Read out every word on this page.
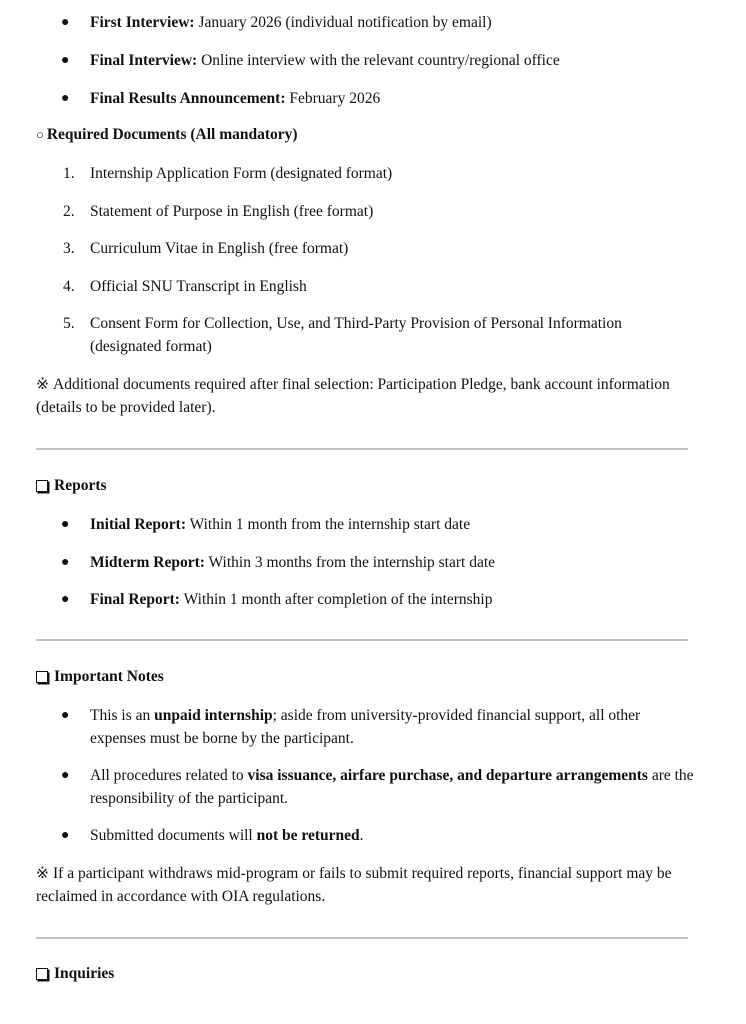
● First Interview: January 2026 (individual notification by email)
● Final Interview: Online interview with the relevant country/regional office
● Final Results Announcement: February 2026
○ Required Documents (All mandatory)
1. Internship Application Form (designated format)
2. Statement of Purpose in English (free format)
3. Curriculum Vitae in English (free format)
4. Official SNU Transcript in English
5. Consent Form for Collection, Use, and Third-Party Provision of Personal Information (designated format)
※ Additional documents required after final selection: Participation Pledge, bank account information (details to be provided later).
Reports
● Initial Report: Within 1 month from the internship start date
● Midterm Report: Within 3 months from the internship start date
● Final Report: Within 1 month after completion of the internship
Important Notes
● This is an unpaid internship; aside from university-provided financial support, all other expenses must be borne by the participant.
● All procedures related to visa issuance, airfare purchase, and departure arrangements are the responsibility of the participant.
● Submitted documents will not be returned.
※ If a participant withdraws mid-program or fails to submit required reports, financial support may be reclaimed in accordance with OIA regulations.
Inquiries
